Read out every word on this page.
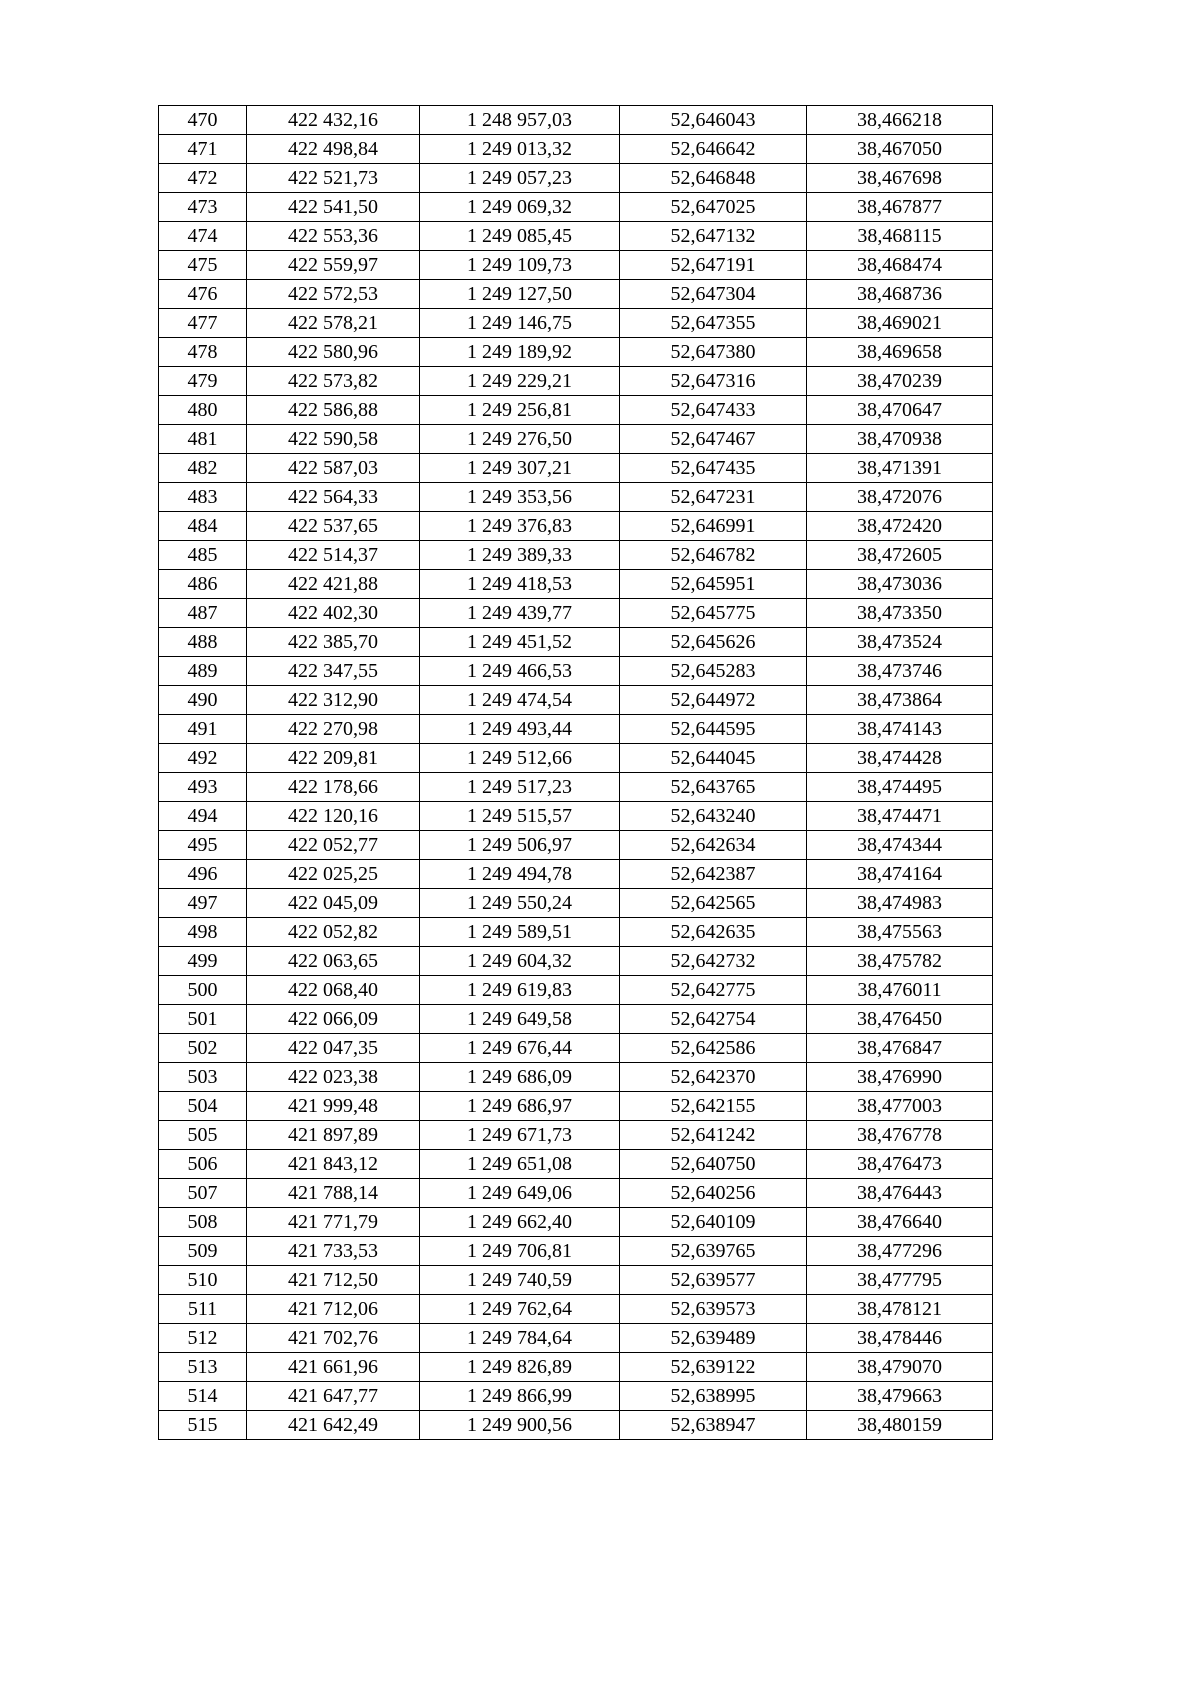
470	422 432,16	1 248 957,03	52,646043	38,466218
471	422 498,84	1 249 013,32	52,646642	38,467050
472	422 521,73	1 249 057,23	52,646848	38,467698
473	422 541,50	1 249 069,32	52,647025	38,467877
474	422 553,36	1 249 085,45	52,647132	38,468115
475	422 559,97	1 249 109,73	52,647191	38,468474
476	422 572,53	1 249 127,50	52,647304	38,468736
477	422 578,21	1 249 146,75	52,647355	38,469021
478	422 580,96	1 249 189,92	52,647380	38,469658
479	422 573,82	1 249 229,21	52,647316	38,470239
480	422 586,88	1 249 256,81	52,647433	38,470647
481	422 590,58	1 249 276,50	52,647467	38,470938
482	422 587,03	1 249 307,21	52,647435	38,471391
483	422 564,33	1 249 353,56	52,647231	38,472076
484	422 537,65	1 249 376,83	52,646991	38,472420
485	422 514,37	1 249 389,33	52,646782	38,472605
486	422 421,88	1 249 418,53	52,645951	38,473036
487	422 402,30	1 249 439,77	52,645775	38,473350
488	422 385,70	1 249 451,52	52,645626	38,473524
489	422 347,55	1 249 466,53	52,645283	38,473746
490	422 312,90	1 249 474,54	52,644972	38,473864
491	422 270,98	1 249 493,44	52,644595	38,474143
492	422 209,81	1 249 512,66	52,644045	38,474428
493	422 178,66	1 249 517,23	52,643765	38,474495
494	422 120,16	1 249 515,57	52,643240	38,474471
495	422 052,77	1 249 506,97	52,642634	38,474344
496	422 025,25	1 249 494,78	52,642387	38,474164
497	422 045,09	1 249 550,24	52,642565	38,474983
498	422 052,82	1 249 589,51	52,642635	38,475563
499	422 063,65	1 249 604,32	52,642732	38,475782
500	422 068,40	1 249 619,83	52,642775	38,476011
501	422 066,09	1 249 649,58	52,642754	38,476450
502	422 047,35	1 249 676,44	52,642586	38,476847
503	422 023,38	1 249 686,09	52,642370	38,476990
504	421 999,48	1 249 686,97	52,642155	38,477003
505	421 897,89	1 249 671,73	52,641242	38,476778
506	421 843,12	1 249 651,08	52,640750	38,476473
507	421 788,14	1 249 649,06	52,640256	38,476443
508	421 771,79	1 249 662,40	52,640109	38,476640
509	421 733,53	1 249 706,81	52,639765	38,477296
510	421 712,50	1 249 740,59	52,639577	38,477795
511	421 712,06	1 249 762,64	52,639573	38,478121
512	421 702,76	1 249 784,64	52,639489	38,478446
513	421 661,96	1 249 826,89	52,639122	38,479070
514	421 647,77	1 249 866,99	52,638995	38,479663
515	421 642,49	1 249 900,56	52,638947	38,480159
